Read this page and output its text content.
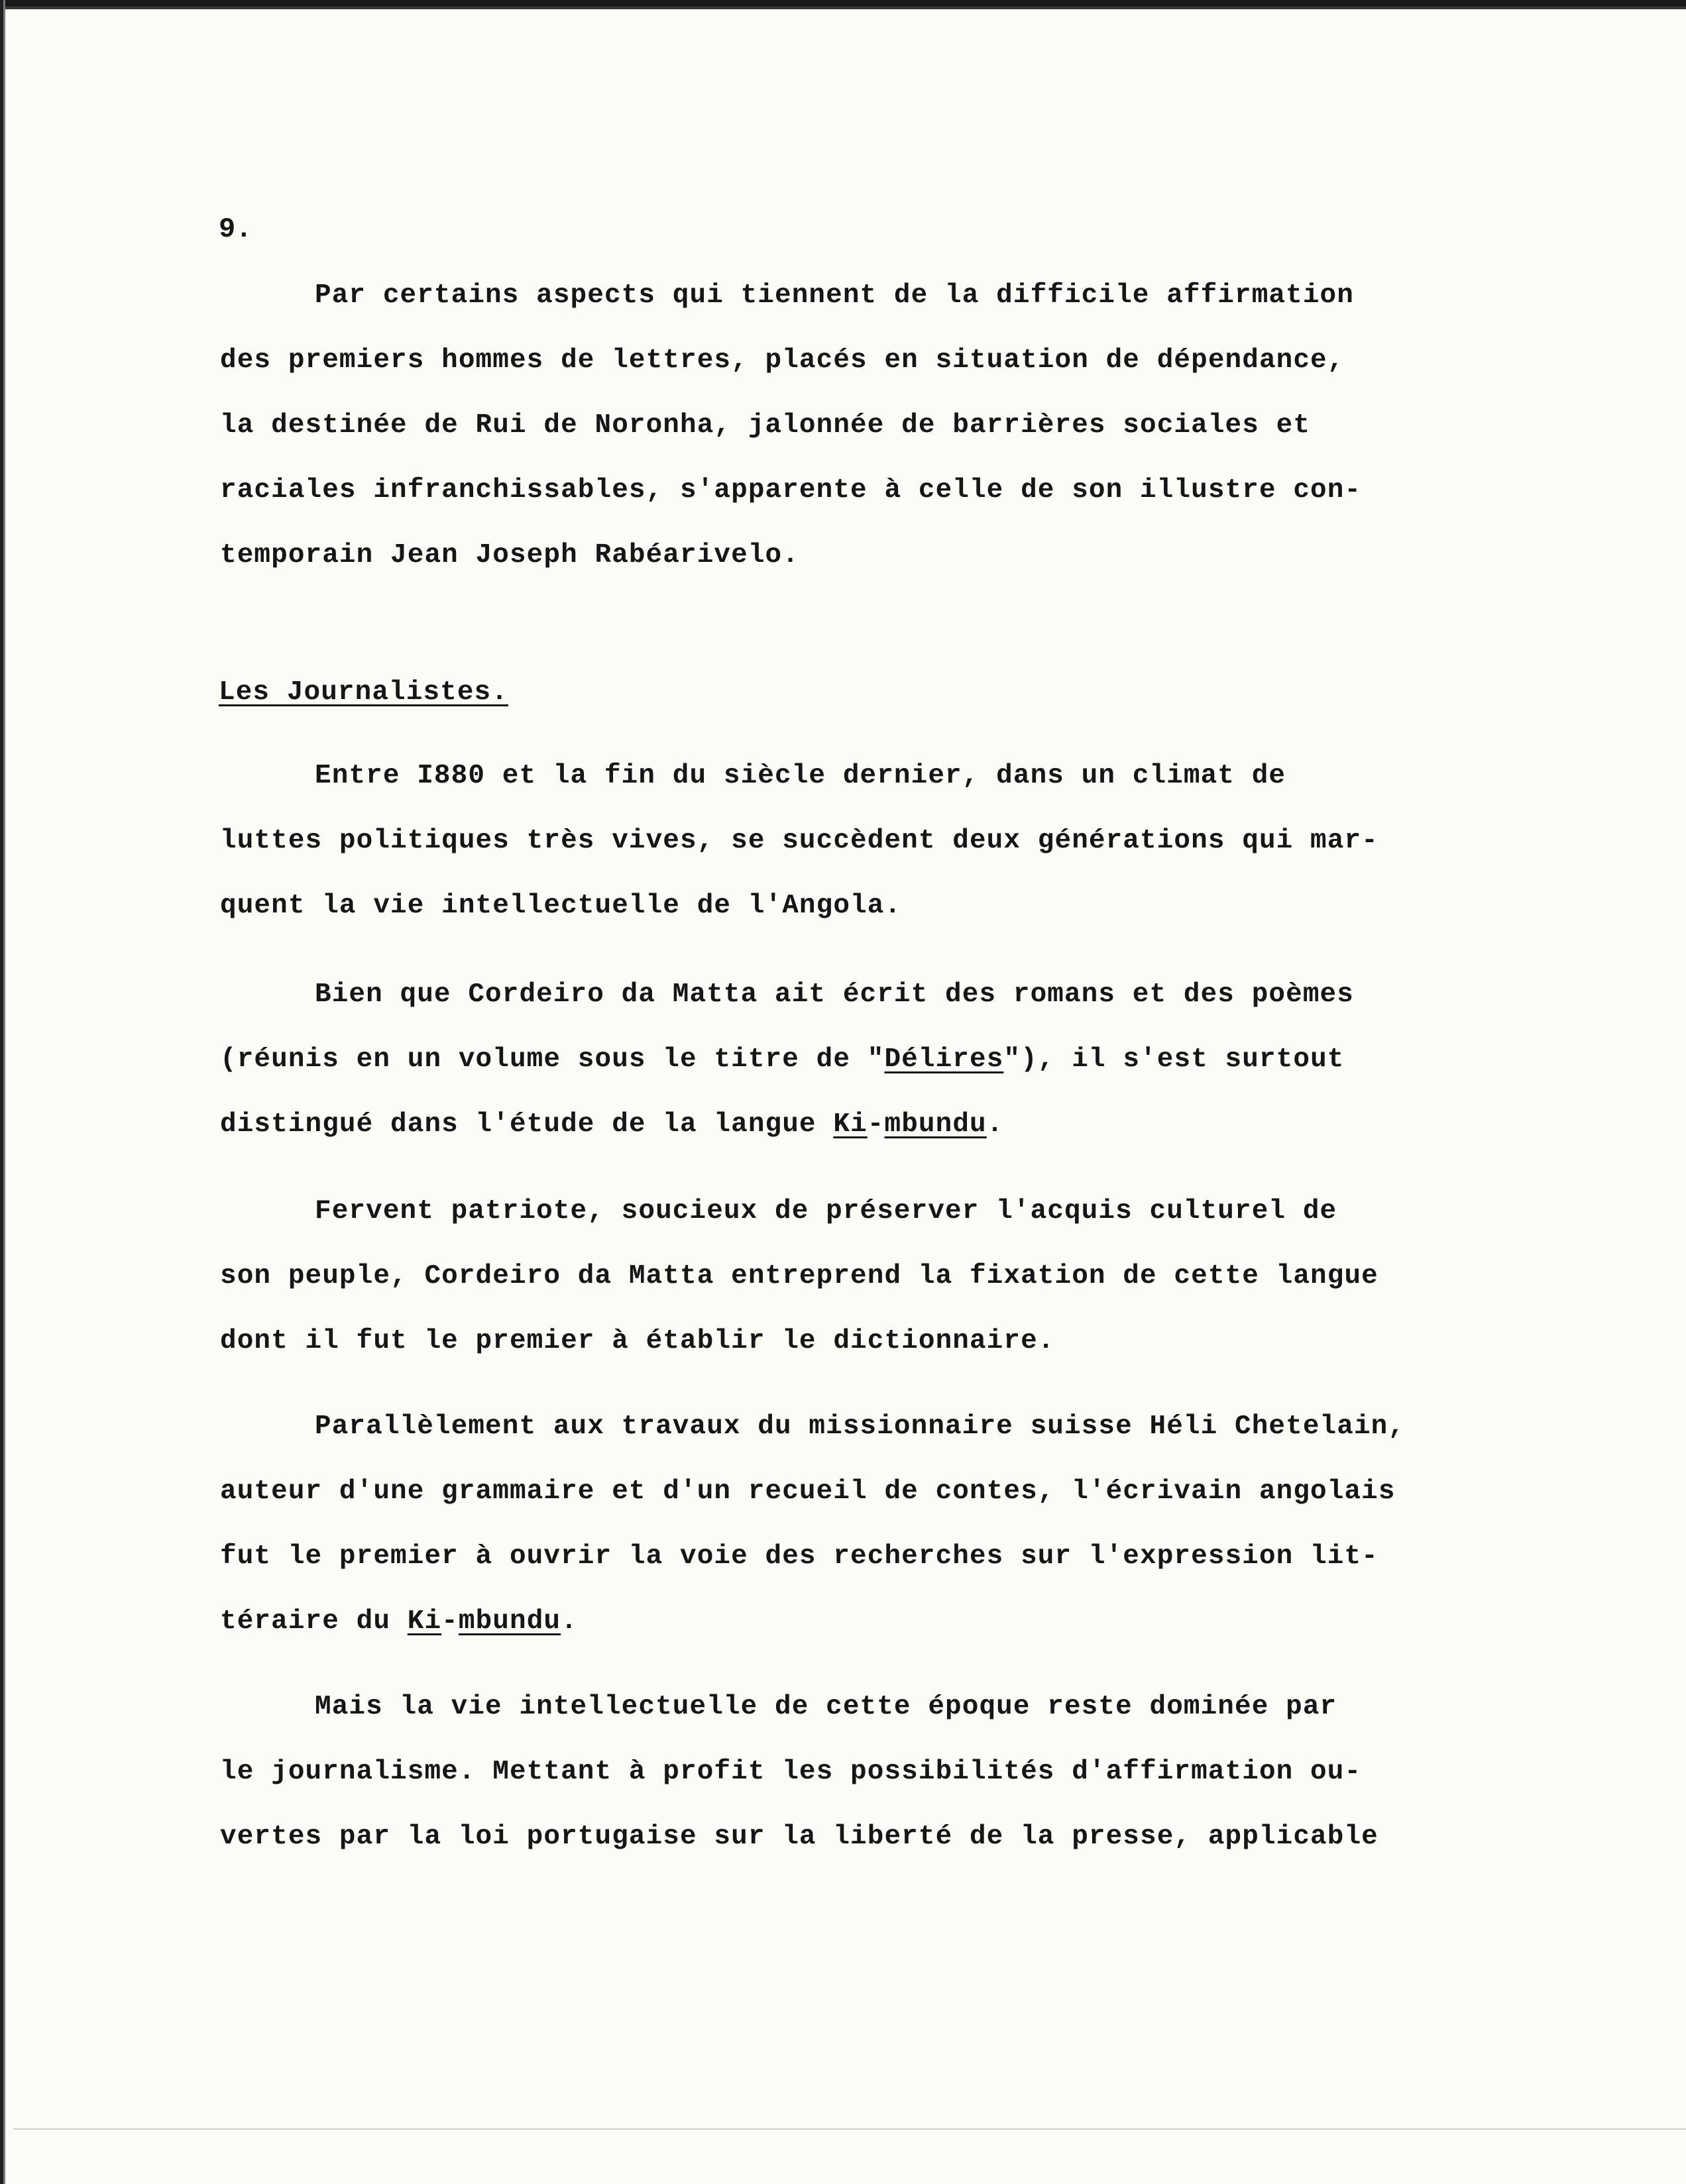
9.

Par certains aspects qui tiennent de la difficile affirmation
des premiers hommes de lettres, placés en situation de dépendance,
la destinée de Rui de Noronha, jalonnée de barrières sociales et
raciales infranchissables, s'apparente à celle de son illustre con-
temporain Jean Joseph Rabéarivelo.

Les Journalistes.

Entre I880 et la fin du siècle dernier, dans un climat de
luttes politiques très vives, se succèdent deux générations qui mar-
quent la vie intellectuelle de l'Angola.

Bien que Cordeiro da Matta ait écrit des romans et des poèmes
(réunis en un volume sous le titre de "Délires"), il s'est surtout
distingué dans l'étude de la langue Ki-mbundu.

Fervent patriote, soucieux de préserver l'acquis culturel de
son peuple, Cordeiro da Matta entreprend la fixation de cette langue
dont il fut le premier à établir le dictionnaire.

Parallèlement aux travaux du missionnaire suisse Héli Chetelain,
auteur d'une grammaire et d'un recueil de contes, l'écrivain angolais
fut le premier à ouvrir la voie des recherches sur l'expression lit-
téraire du Ki-mbundu.

Mais la vie intellectuelle de cette époque reste dominée par
le journalisme. Mettant à profit les possibilités d'affirmation ou-
vertes par la loi portugaise sur la liberté de la presse, applicable
